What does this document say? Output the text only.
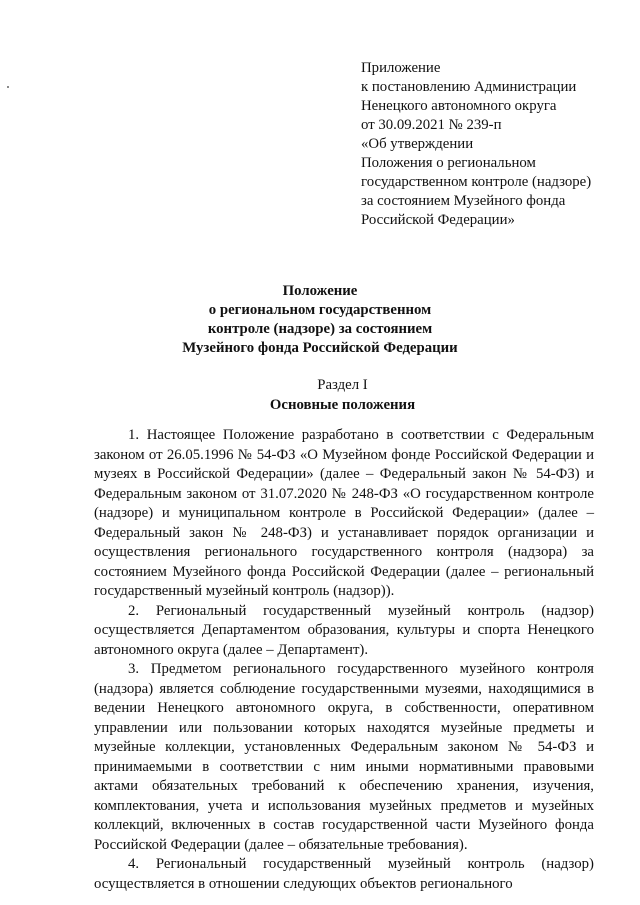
Приложение
к постановлению Администрации
Ненецкого автономного округа
от 30.09.2021 № 239-п
«Об утверждении
Положения о региональном
государственном контроле (надзоре)
за состоянием Музейного фонда
Российской Федерации»
Положение
о региональном государственном
контроле (надзоре) за состоянием
Музейного фонда Российской Федерации
Раздел I
Основные положения

1. Настоящее Положение разработано в соответствии с Федеральным законом от 26.05.1996 № 54-ФЗ «О Музейном фонде Российской Федерации и музеях в Российской Федерации» (далее – Федеральный закон № 54-ФЗ) и Федеральным законом от 31.07.2020 № 248-ФЗ «О государственном контроле (надзоре) и муниципальном контроле в Российской Федерации» (далее – Федеральный закон № 248-ФЗ) и устанавливает порядок организации и осуществления регионального государственного контроля (надзора) за состоянием Музейного фонда Российской Федерации (далее – региональный государственный музейный контроль (надзор)).

2. Региональный государственный музейный контроль (надзор) осуществляется Департаментом образования, культуры и спорта Ненецкого автономного округа (далее – Департамент).

3. Предметом регионального государственного музейного контроля (надзора) является соблюдение государственными музеями, находящимися в ведении Ненецкого автономного округа, в собственности, оперативном управлении или пользовании которых находятся музейные предметы и музейные коллекции, установленных Федеральным законом № 54-ФЗ и принимаемыми в соответствии с ним иными нормативными правовыми актами обязательных требований к обеспечению хранения, изучения, комплектования, учета и использования музейных предметов и музейных коллекций, включенных в состав государственной части Музейного фонда Российской Федерации (далее – обязательные требования).

4. Региональный государственный музейный контроль (надзор) осуществляется в отношении следующих объектов регионального
